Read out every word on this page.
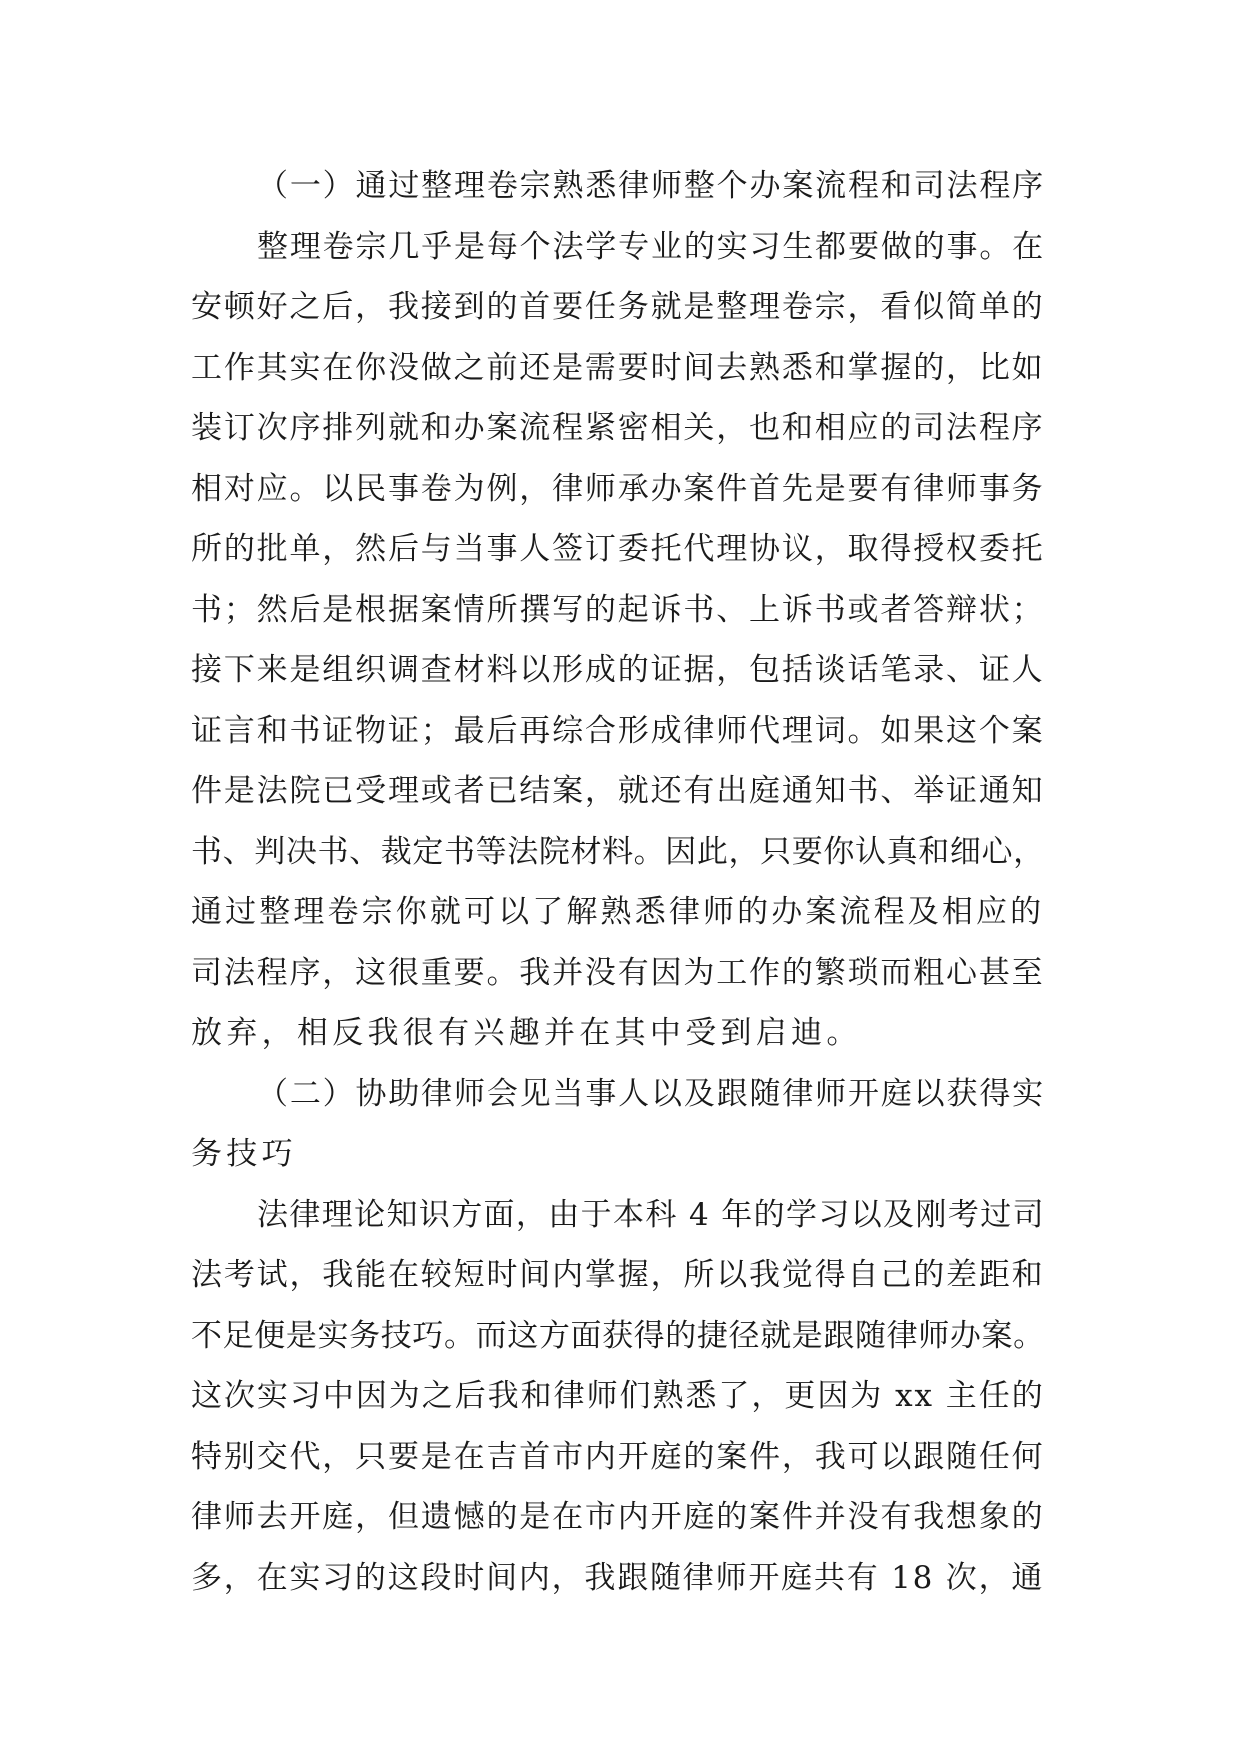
（一）通过整理卷宗熟悉律师整个办案流程和司法程序
整理卷宗几乎是每个法学专业的实习生都要做的事。在
安顿好之后，我接到的首要任务就是整理卷宗，看似简单的
工作其实在你没做之前还是需要时间去熟悉和掌握的，比如
装订次序排列就和办案流程紧密相关，也和相应的司法程序
相对应。以民事卷为例，律师承办案件首先是要有律师事务
所的批单，然后与当事人签订委托代理协议，取得授权委托
书；然后是根据案情所撰写的起诉书、上诉书或者答辩状；
接下来是组织调查材料以形成的证据，包括谈话笔录、证人
证言和书证物证；最后再综合形成律师代理词。如果这个案
件是法院已受理或者已结案，就还有出庭通知书、举证通知
书、判决书、裁定书等法院材料。因此，只要你认真和细心，
通过整理卷宗你就可以了解熟悉律师的办案流程及相应的
司法程序，这很重要。我并没有因为工作的繁琐而粗心甚至
放弃，相反我很有兴趣并在其中受到启迪。
（二）协助律师会见当事人以及跟随律师开庭以获得实
务技巧
法律理论知识方面，由于本科 4 年的学习以及刚考过司
法考试，我能在较短时间内掌握，所以我觉得自己的差距和
不足便是实务技巧。而这方面获得的捷径就是跟随律师办案。
这次实习中因为之后我和律师们熟悉了，更因为 xx 主任的
特别交代，只要是在吉首市内开庭的案件，我可以跟随任何
律师去开庭，但遗憾的是在市内开庭的案件并没有我想象的
多，在实习的这段时间内，我跟随律师开庭共有 18 次，通
